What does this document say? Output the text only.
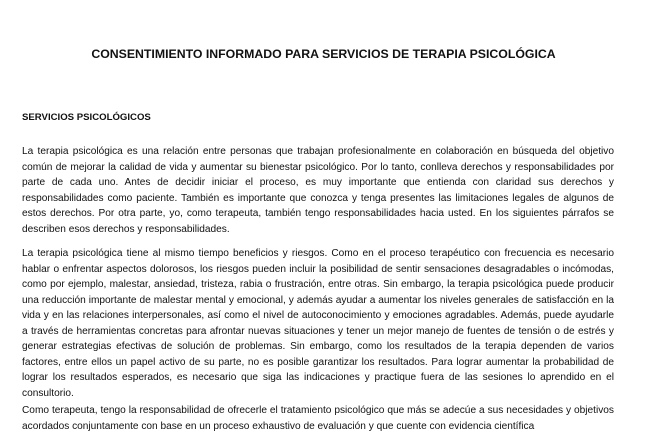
CONSENTIMIENTO INFORMADO PARA SERVICIOS DE TERAPIA PSICOLÓGICA
SERVICIOS PSICOLÓGICOS

La terapia psicológica es una relación entre personas que trabajan profesionalmente en colaboración en búsqueda del objetivo común de mejorar la calidad de vida y aumentar su bienestar psicológico. Por lo tanto, conlleva derechos y responsabilidades por parte de cada uno. Antes de decidir iniciar el proceso, es muy importante que entienda con claridad sus derechos y responsabilidades como paciente. También es importante que conozca y tenga presentes las limitaciones legales de algunos de estos derechos. Por otra parte, yo, como terapeuta, también tengo responsabilidades hacia usted. En los siguientes párrafos se describen esos derechos y responsabilidades.

La terapia psicológica tiene al mismo tiempo beneficios y riesgos. Como en el proceso terapéutico con frecuencia es necesario hablar o enfrentar aspectos dolorosos, los riesgos pueden incluir la posibilidad de sentir sensaciones desagradables o incómodas, como por ejemplo, malestar, ansiedad, tristeza, rabia o frustración, entre otras. Sin embargo, la terapia psicológica puede producir una reducción importante de malestar mental y emocional, y además ayudar a aumentar los niveles generales de satisfacción en la vida y en las relaciones interpersonales, así como el nivel de autoconocimiento y emociones agradables. Además, puede ayudarle a través de herramientas concretas para afrontar nuevas situaciones y tener un mejor manejo de fuentes de tensión o de estrés y generar estrategias efectivas de solución de problemas. Sin embargo, como los resultados de la terapia dependen de varios factores, entre ellos un papel activo de su parte, no es posible garantizar los resultados. Para lograr aumentar la probabilidad de lograr los resultados esperados, es necesario que siga las indicaciones y practique fuera de las sesiones lo aprendido en el consultorio.

Como terapeuta, tengo la responsabilidad de ofrecerle el tratamiento psicológico que más se adecúe a sus necesidades y objetivos acordados conjuntamente con base en un proceso exhaustivo de evaluación y que cuente con evidencia científica
